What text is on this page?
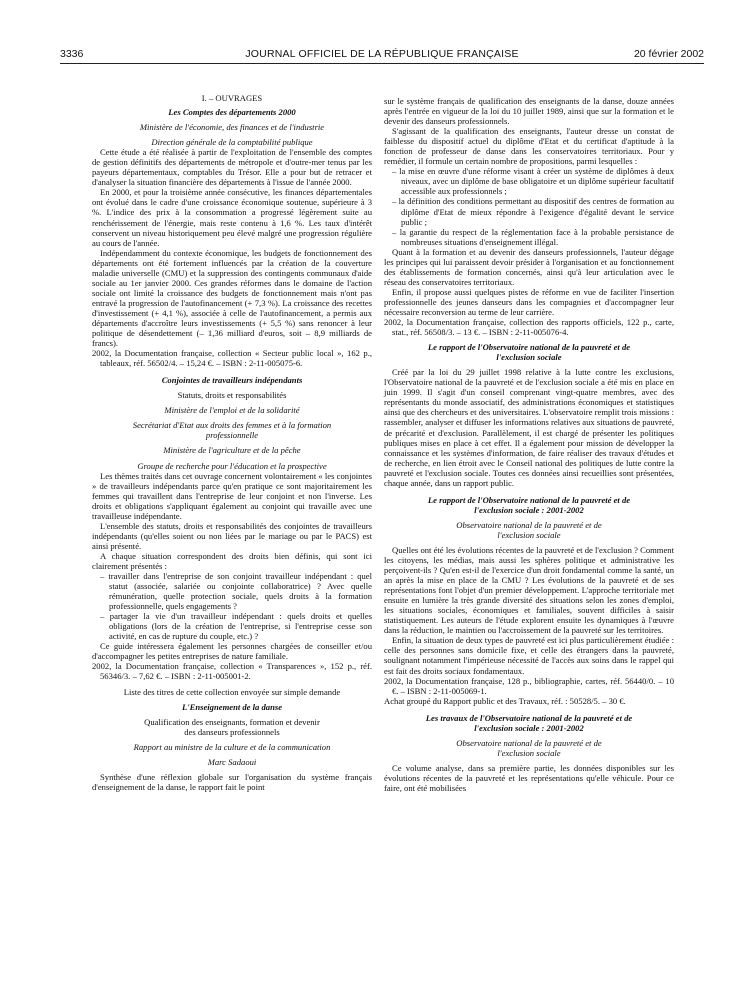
3336	JOURNAL OFFICIEL DE LA RÉPUBLIQUE FRANÇAISE	20 février 2002

I. – OUVRAGES

Les Comptes des départements 2000

Ministère de l'économie, des finances et de l'industrie

Direction générale de la comptabilité publique

Cette étude a été réalisée à partir de l'exploitation de l'ensemble des comptes de gestion définitifs des départements de métropole et d'outre-mer tenus par les payeurs départementaux, comptables du Trésor. Elle a pour but de retracer et d'analyser la situation financière des départements à l'issue de l'année 2000.

En 2000, et pour la troisième année consécutive, les finances départementales ont évolué dans le cadre d'une croissance économique soutenue, supérieure à 3 %. L'indice des prix à la consommation a progressé légèrement suite au renchérissement de l'énergie, mais reste contenu à 1,6 %. Les taux d'intérêt conservent un niveau historiquement peu élevé malgré une progression régulière au cours de l'année.

Indépendamment du contexte économique, les budgets de fonctionnement des départements ont été fortement influencés par la création de la couverture maladie universelle (CMU) et la suppression des contingents communaux d'aide sociale au 1er janvier 2000. Ces grandes réformes dans le domaine de l'action sociale ont limité la croissance des budgets de fonctionnement mais n'ont pas entravé la progression de l'autofinancement (+ 7,3 %). La croissance des recettes d'investissement (+ 4,1 %), associée à celle de l'autofinancement, a permis aux départements d'accroître leurs investissements (+ 5,5 %) sans renoncer à leur politique de désendettement (– 1,36 milliard d'euros, soit – 8,9 milliards de francs).

2002, la Documentation française, collection « Secteur public local », 162 p., tableaux, réf. 56502/4. – 15,24 €. – ISBN : 2-11-005075-6.

Conjointes de travailleurs indépendants

Statuts, droits et responsabilités

Ministère de l'emploi et de la solidarité

Secrétariat d'Etat aux droits des femmes et à la formation professionnelle

Ministère de l'agriculture et de la pêche

Groupe de recherche pour l'éducation et la prospective

Les thèmes traités dans cet ouvrage concernent volontairement « les conjointes » de travailleurs indépendants parce qu'en pratique ce sont majoritairement les femmes qui travaillent dans l'entreprise de leur conjoint et non l'inverse. Les droits et obligations s'appliquant également au conjoint qui travaille avec une travailleuse indépendante.

L'ensemble des statuts, droits et responsabilités des conjointes de travailleurs indépendants (qu'elles soient ou non liées par le mariage ou par le PACS) est ainsi présenté.

A chaque situation correspondent des droits bien définis, qui sont ici clairement présentés :

– travailler dans l'entreprise de son conjoint travailleur indépendant : quel statut (associée, salariée ou conjointe collaboratrice) ? Avec quelle rémunération, quelle protection sociale, quels droits à la formation professionnelle, quels engagements ?

– partager la vie d'un travailleur indépendant : quels droits et quelles obligations (lors de la création de l'entreprise, si l'entreprise cesse son activité, en cas de rupture du couple, etc.) ?

Ce guide intéressera également les personnes chargées de conseiller et/ou d'accompagner les petites entreprises de nature familiale.

2002, la Documentation française, collection « Transparences », 152 p., réf. 56346/3. – 7,62 €. – ISBN : 2-11-005001-2.

Liste des titres de cette collection envoyée sur simple demande

L'Enseignement de la danse

Qualification des enseignants, formation et devenir des danseurs professionnels

Rapport au ministre de la culture et de la communication

Marc Sadaoui

Synthèse d'une réflexion globale sur l'organisation du système français d'enseignement de la danse, le rapport fait le point

sur le système français de qualification des enseignants de la danse, douze années après l'entrée en vigueur de la loi du 10 juillet 1989, ainsi que sur la formation et le devenir des danseurs professionnels.

S'agissant de la qualification des enseignants, l'auteur dresse un constat de faiblesse du dispositif actuel du diplôme d'Etat et du certificat d'aptitude à la fonction de professeur de danse dans les conservatoires territoriaux. Pour y remédier, il formule un certain nombre de propositions, parmi lesquelles :

– la mise en œuvre d'une réforme visant à créer un système de diplômes à deux niveaux, avec un diplôme de base obligatoire et un diplôme supérieur facultatif accessible aux professionnels ;

– la définition des conditions permettant au dispositif des centres de formation au diplôme d'Etat de mieux répondre à l'exigence d'égalité devant le service public ;

– la garantie du respect de la réglementation face à la probable persistance de nombreuses situations d'enseignement illégal.

Quant à la formation et au devenir des danseurs professionnels, l'auteur dégage les principes qui lui paraissent devoir présider à l'organisation et au fonctionnement des établissements de formation concernés, ainsi qu'à leur articulation avec le réseau des conservatoires territoriaux.

Enfin, il propose aussi quelques pistes de réforme en vue de faciliter l'insertion professionnelle des jeunes danseurs dans les compagnies et d'accompagner leur nécessaire reconversion au terme de leur carrière.

2002, la Documentation française, collection des rapports officiels, 122 p., carte, stat., réf. 56508/3. – 13 €. – ISBN : 2-11-005076-4.

Le rapport de l'Observatoire national de la pauvreté et de l'exclusion sociale

Créé par la loi du 29 juillet 1998 relative à la lutte contre les exclusions, l'Observatoire national de la pauvreté et de l'exclusion sociale a été mis en place en juin 1999. Il s'agit d'un conseil comprenant vingt-quatre membres, avec des représentants du monde associatif, des administrations économiques et statistiques ainsi que des chercheurs et des universitaires. L'observatoire remplit trois missions : rassembler, analyser et diffuser les informations relatives aux situations de pauvreté, de précarité et d'exclusion. Parallèlement, il est chargé de présenter les politiques publiques mises en place à cet effet. Il a également pour mission de développer la connaissance et les systèmes d'information, de faire réaliser des travaux d'études et de recherche, en lien étroit avec le Conseil national des politiques de lutte contre la pauvreté et l'exclusion sociale. Toutes ces données ainsi recueillies sont présentées, chaque année, dans un rapport public.

Le rapport de l'Observatoire national de la pauvreté et de l'exclusion sociale : 2001-2002

Observatoire national de la pauvreté et de l'exclusion sociale

Quelles ont été les évolutions récentes de la pauvreté et de l'exclusion ? Comment les citoyens, les médias, mais aussi les sphères politique et administrative les perçoivent-ils ? Qu'en est-il de l'exercice d'un droit fondamental comme la santé, un an après la mise en place de la CMU ? Les évolutions de la pauvreté et de ses représentations font l'objet d'un premier développement. L'approche territoriale met ensuite en lumière la très grande diversité des situations selon les zones d'emploi, les situations sociales, économiques et familiales, souvent difficiles à saisir statistiquement. Les auteurs de l'étude explorent ensuite les dynamiques à l'œuvre dans la réduction, le maintien ou l'accroissement de la pauvreté sur les territoires.

Enfin, la situation de deux types de pauvreté est ici plus particulièrement étudiée : celle des personnes sans domicile fixe, et celle des étrangers dans la pauvreté, soulignant notamment l'impérieuse nécessité de l'accès aux soins dans le rappel qui est fait des droits sociaux fondamentaux.

2002, la Documentation française, 128 p., bibliographie, cartes, réf. 56440/0. – 10 €. – ISBN : 2-11-005069-1.

Achat groupé du Rapport public et des Travaux, réf. : 50528/5. – 30 €.

Les travaux de l'Observatoire national de la pauvreté et de l'exclusion sociale : 2001-2002

Observatoire national de la pauvreté et de l'exclusion sociale

Ce volume analyse, dans sa première partie, les données disponibles sur les évolutions récentes de la pauvreté et les représentations qu'elle véhicule. Pour ce faire, ont été mobilisées
